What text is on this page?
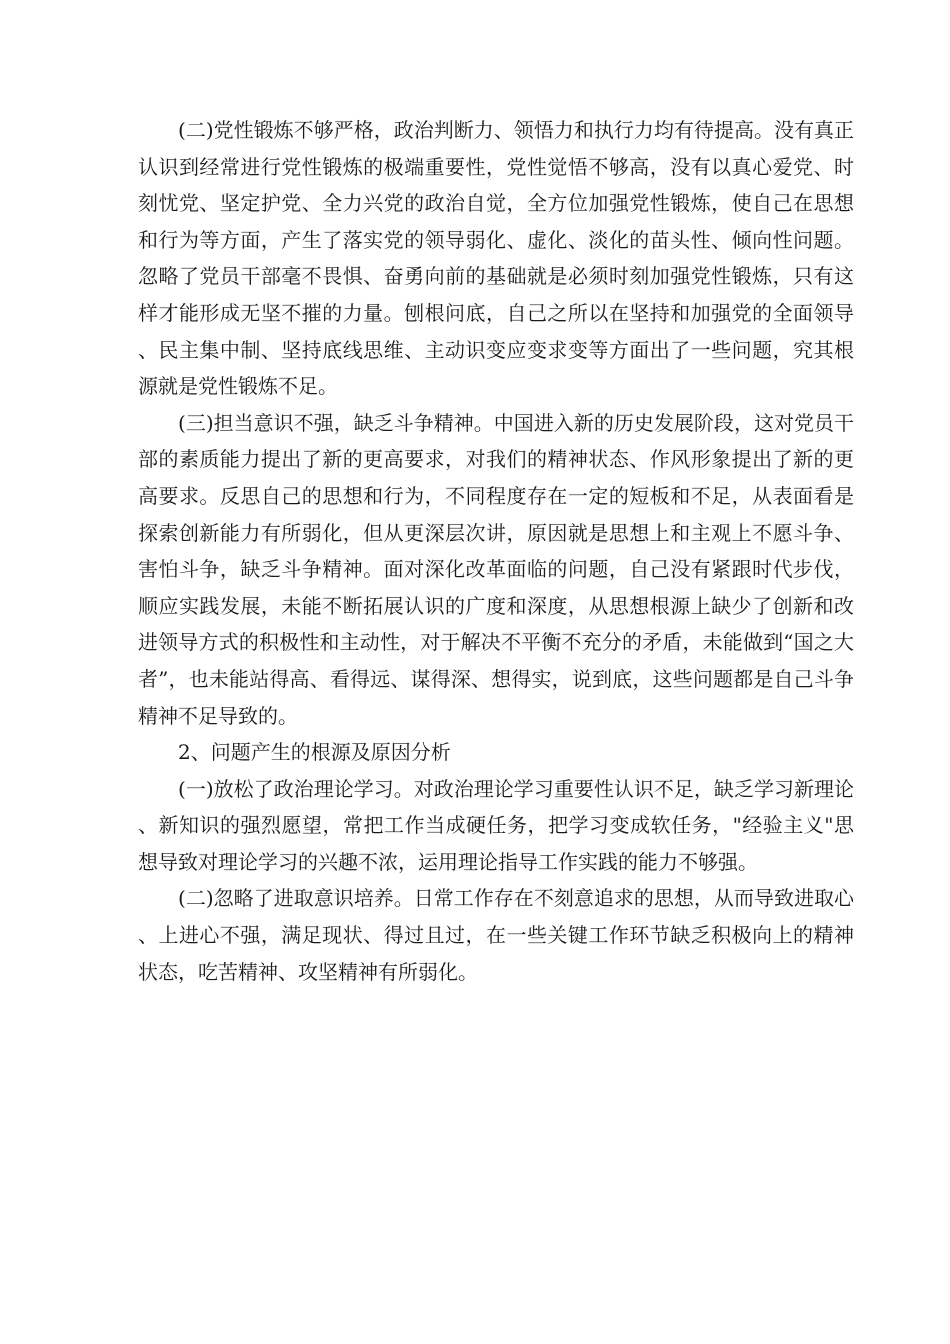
(二)党性锻炼不够严格，政治判断力、领悟力和执行力均有待提高。没有真正认识到经常进行党性锻炼的极端重要性，党性觉悟不够高，没有以真心爱党、时刻忧党、坚定护党、全力兴党的政治自觉，全方位加强党性锻炼，使自己在思想和行为等方面，产生了落实党的领导弱化、虚化、淡化的苗头性、倾向性问题。忽略了党员干部毫不畏惧、奋勇向前的基础就是必须时刻加强党性锻炼，只有这样才能形成无坚不摧的力量。刨根问底，自己之所以在坚持和加强党的全面领导、民主集中制、坚持底线思维、主动识变应变求变等方面出了一些问题，究其根源就是党性锻炼不足。

(三)担当意识不强，缺乏斗争精神。中国进入新的历史发展阶段，这对党员干部的素质能力提出了新的更高要求，对我们的精神状态、作风形象提出了新的更高要求。反思自己的思想和行为，不同程度存在一定的短板和不足，从表面看是探索创新能力有所弱化，但从更深层次讲，原因就是思想上和主观上不愿斗争、害怕斗争，缺乏斗争精神。面对深化改革面临的问题，自己没有紧跟时代步伐，顺应实践发展，未能不断拓展认识的广度和深度，从思想根源上缺少了创新和改进领导方式的积极性和主动性，对于解决不平衡不充分的矛盾，未能做到“国之大者”，也未能站得高、看得远、谋得深、想得实，说到底，这些问题都是自己斗争精神不足导致的。

2、问题产生的根源及原因分析

(一)放松了政治理论学习。对政治理论学习重要性认识不足，缺乏学习新理论、新知识的强烈愿望，常把工作当成硬任务，把学习变成软任务，"经验主义"思想导致对理论学习的兴趣不浓，运用理论指导工作实践的能力不够强。

(二)忽略了进取意识培养。日常工作存在不刻意追求的思想，从而导致进取心、上进心不强，满足现状、得过且过，在一些关键工作环节缺乏积极向上的精神状态，吃苦精神、攻坚精神有所弱化。
